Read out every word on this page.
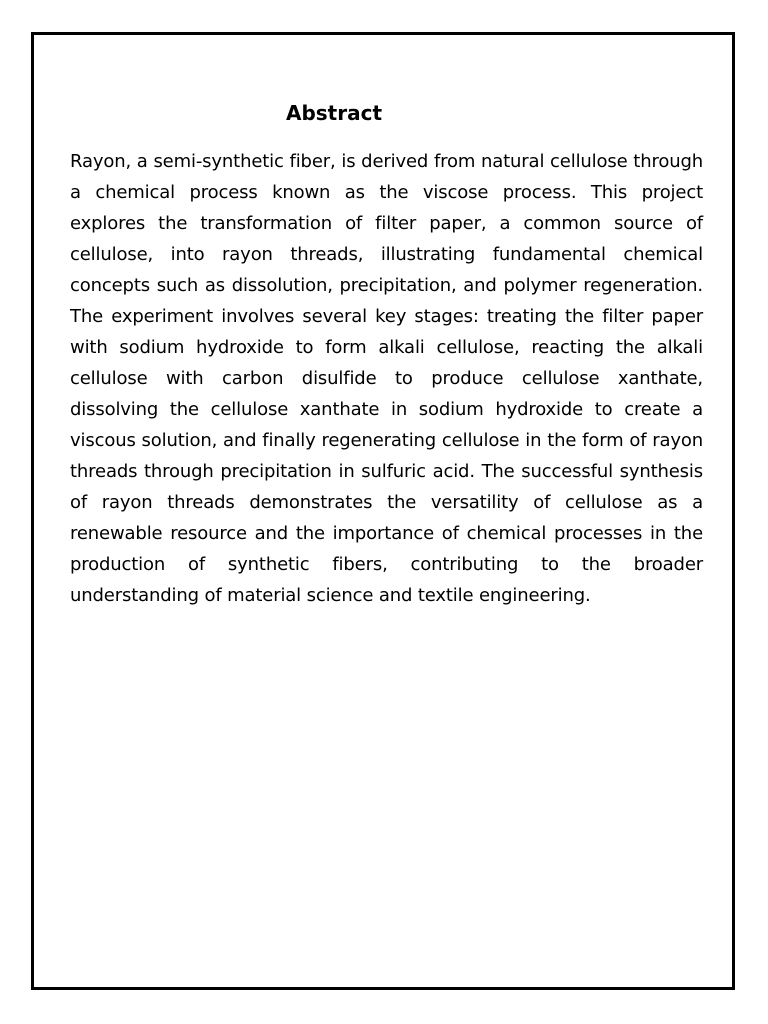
Abstract

Rayon, a semi-synthetic fiber, is derived from natural cellulose through a chemical process known as the viscose process. This project explores the transformation of filter paper, a common source of cellulose, into rayon threads, illustrating fundamental chemical concepts such as dissolution, precipitation, and polymer regeneration. The experiment involves several key stages: treating the filter paper with sodium hydroxide to form alkali cellulose, reacting the alkali cellulose with carbon disulfide to produce cellulose xanthate, dissolving the cellulose xanthate in sodium hydroxide to create a viscous solution, and finally regenerating cellulose in the form of rayon threads through precipitation in sulfuric acid. The successful synthesis of rayon threads demonstrates the versatility of cellulose as a renewable resource and the importance of chemical processes in the production of synthetic fibers, contributing to the broader understanding of material science and textile engineering.
